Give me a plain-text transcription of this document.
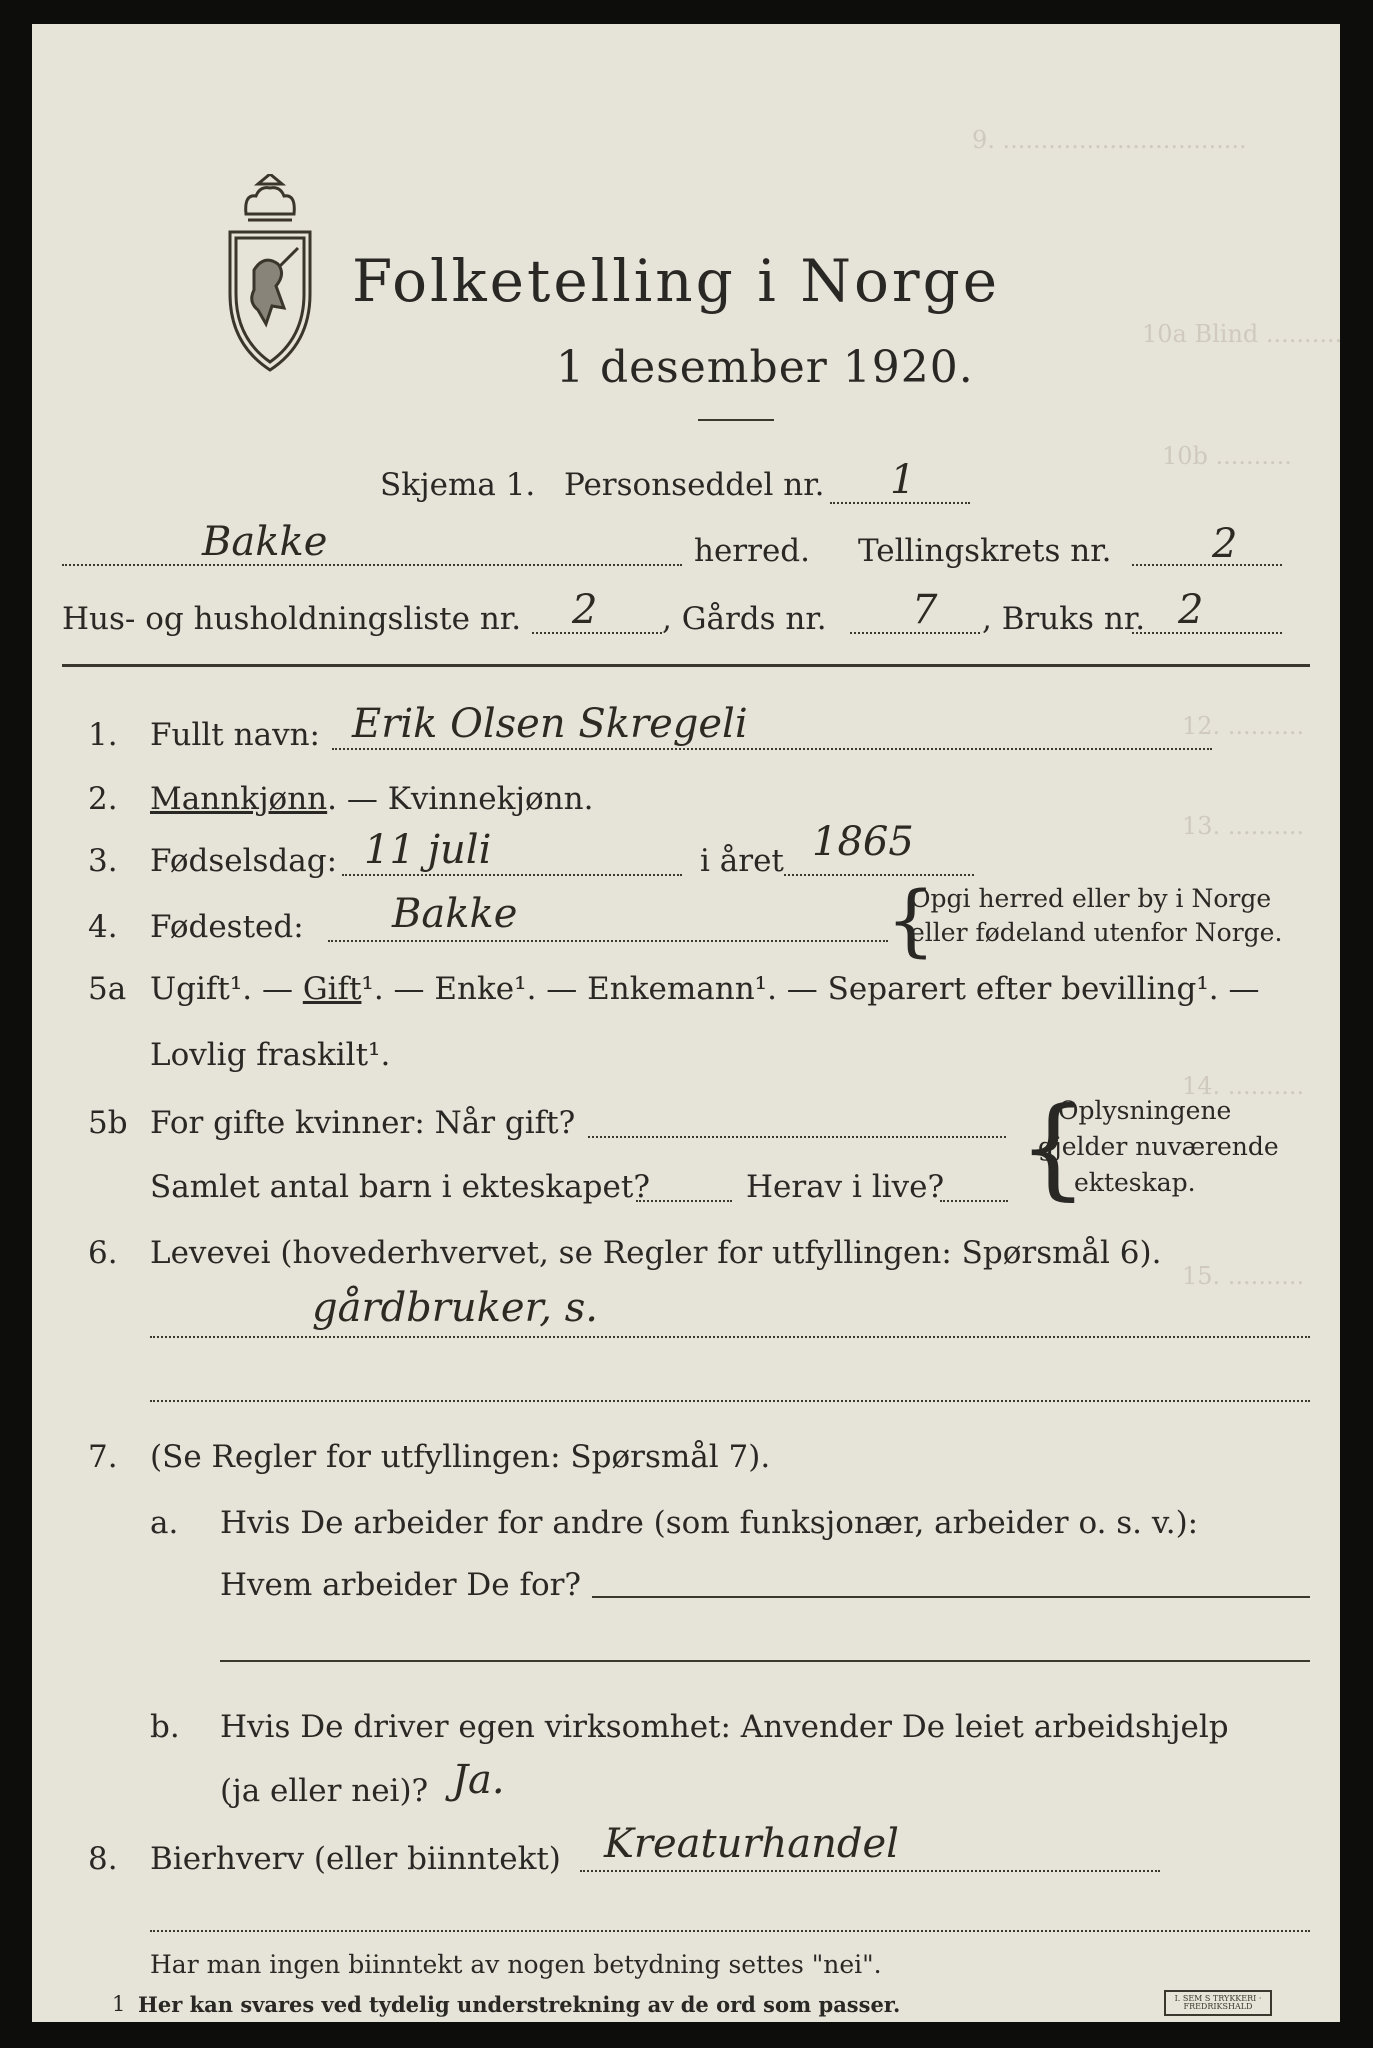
9. ................................
10a Blind ..........
10b ..........
12. ..........
13. ..........
14. ..........
15. ..........
Folketelling i Norge
1 desember 1920.
Skjema 1. Personseddel nr. 1
Bakke	herred. Tellingskrets nr.	2
Hus- og husholdningsliste nr. 2 , Gårds nr. 7 , Bruks nr. 2
1. Fullt navn: Erik Olsen Skregeli
2. Mannkjønn. — Kvinnekjønn.
3. Fødselsdag: 11 juli	i året 1865
4. Fødested: Bakke	{
Opgi herred eller by i Norge
eller fødeland utenfor Norge.
5a Ugift¹. — Gift¹. — Enke¹. — Enkemann¹. — Separert efter bevilling¹. —
Lovlig fraskilt¹.
5b For gifte kvinner: Når gift?
Samlet antal barn i ekteskapet?	Herav i live? {
Oplysningene
gjelder nuværende
ekteskap.
6. Levevei (hovederhvervet, se Regler for utfyllingen: Spørsmål 6).
gårdbruker, s.
7. (Se Regler for utfyllingen: Spørsmål 7).
a. Hvis De arbeider for andre (som funksjonær, arbeider o. s. v.):
Hvem arbeider De for?
b. Hvis De driver egen virksomhet: Anvender De leiet arbeidshjelp
(ja eller nei)? Ja.
8. Bierhverv (eller biinntekt) Kreaturhandel
Har man ingen biinntekt av nogen betydning settes "nei".
1 Her kan svares ved tydelig understrekning av de ord som passer.	I. SEM S TRYKKERI · FREDRIKSHALD
